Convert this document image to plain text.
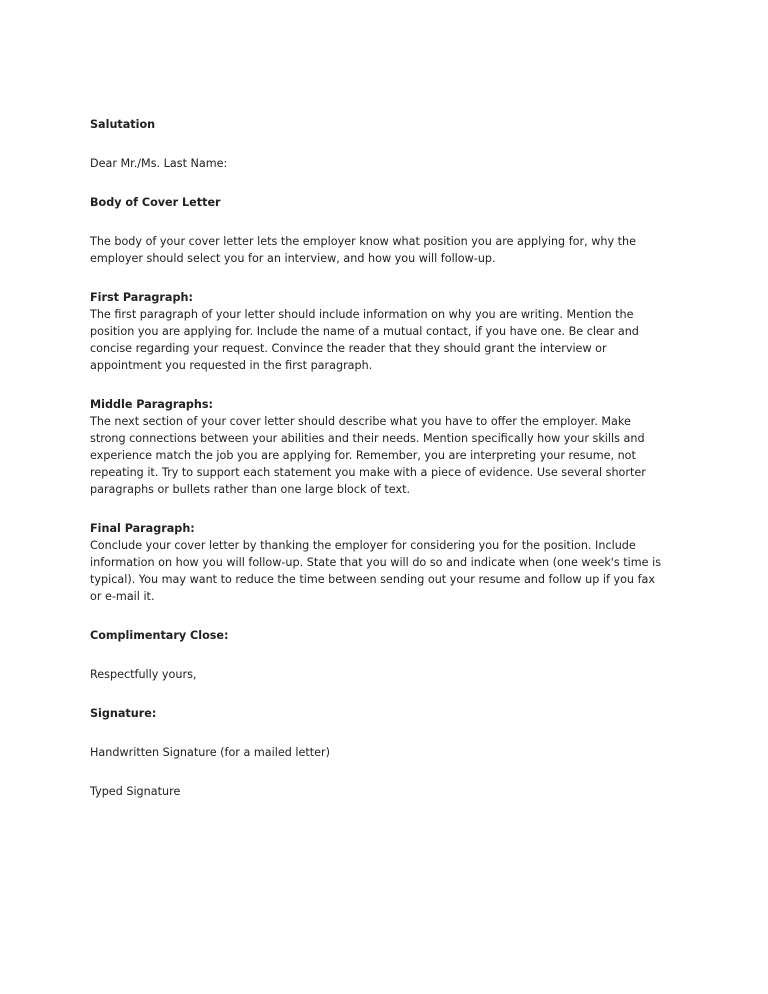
Salutation

Dear Mr./Ms. Last Name:

Body of Cover Letter

The body of your cover letter lets the employer know what position you are applying for, why the
employer should select you for an interview, and how you will follow-up.

First Paragraph:

The first paragraph of your letter should include information on why you are writing. Mention the
position you are applying for. Include the name of a mutual contact, if you have one. Be clear and
concise regarding your request. Convince the reader that they should grant the interview or
appointment you requested in the first paragraph.

Middle Paragraphs:

The next section of your cover letter should describe what you have to offer the employer. Make
strong connections between your abilities and their needs. Mention specifically how your skills and
experience match the job you are applying for. Remember, you are interpreting your resume, not
repeating it. Try to support each statement you make with a piece of evidence. Use several shorter
paragraphs or bullets rather than one large block of text.

Final Paragraph:

Conclude your cover letter by thanking the employer for considering you for the position. Include
information on how you will follow-up. State that you will do so and indicate when (one week's time is
typical). You may want to reduce the time between sending out your resume and follow up if you fax
or e-mail it.

Complimentary Close:

Respectfully yours,

Signature:

Handwritten Signature (for a mailed letter)

Typed Signature
